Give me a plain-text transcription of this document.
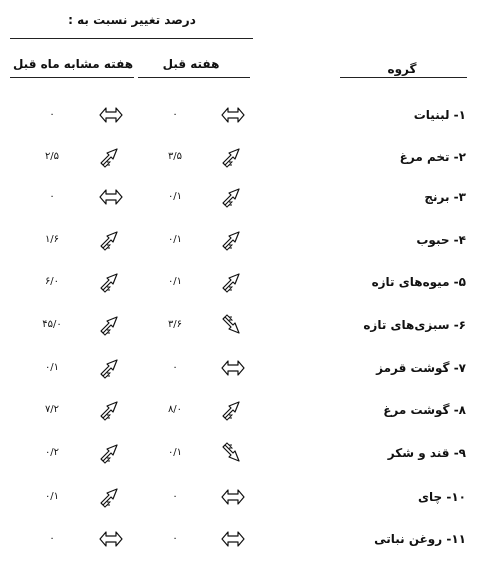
درصد تغییر نسبت به :
هفته قبل
هفته مشابه ماه قبل	گروه
۱- لبنیات
۰
۰
۲- تخم مرغ
۳/۵
۲/۵
۳- برنج
۰/۱
۰
۴- حبوب
۰/۱
۱/۶
۵- میوه‌های تازه
۰/۱
۶/۰
۶- سبزی‌های تازه
۳/۶
۴۵/۰
۷- گوشت قرمز
۰
۰/۱
۸- گوشت مرغ
۸/۰
۷/۲
۹- قند و شکر
۰/۱
۰/۲
۱۰- چای
۰
۰/۱
۱۱- روغن نباتی
۰
۰
